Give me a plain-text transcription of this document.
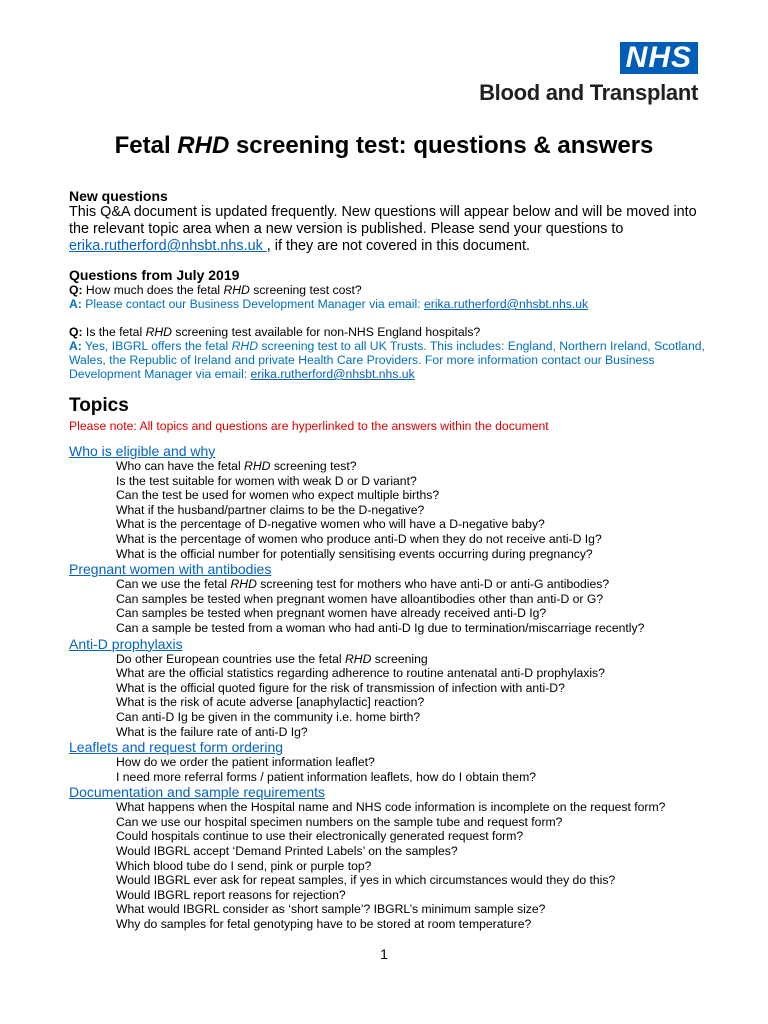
NHS
Blood and Transplant
Fetal RHD screening test: questions & answers
New questions
This Q&A document is updated frequently. New questions will appear below and will be moved into the relevant topic area when a new version is published. Please send your questions to erika.rutherford@nhsbt.nhs.uk , if they are not covered in this document.
Questions from July 2019
Q: How much does the fetal RHD screening test cost?
A: Please contact our Business Development Manager via email: erika.rutherford@nhsbt.nhs.uk
Q: Is the fetal RHD screening test available for non-NHS England hospitals?
A: Yes, IBGRL offers the fetal RHD screening test to all UK Trusts. This includes: England, Northern Ireland, Scotland, Wales, the Republic of Ireland and private Health Care Providers. For more information contact our Business Development Manager via email: erika.rutherford@nhsbt.nhs.uk
Topics
Please note: All topics and questions are hyperlinked to the answers within the document
Who is eligible and why
Who can have the fetal RHD screening test?
Is the test suitable for women with weak D or D variant?
Can the test be used for women who expect multiple births?
What if the husband/partner claims to be the D-negative?
What is the percentage of D-negative women who will have a D-negative baby?
What is the percentage of women who produce anti-D when they do not receive anti-D Ig?
What is the official number for potentially sensitising events occurring during pregnancy?
Pregnant women with antibodies
Can we use the fetal RHD screening test for mothers who have anti-D or anti-G antibodies?
Can samples be tested when pregnant women have alloantibodies other than anti-D or G?
Can samples be tested when pregnant women have already received anti-D Ig?
Can a sample be tested from a woman who had anti-D Ig due to termination/miscarriage recently?
Anti-D prophylaxis
Do other European countries use the fetal RHD screening
What are the official statistics regarding adherence to routine antenatal anti-D prophylaxis?
What is the official quoted figure for the risk of transmission of infection with anti-D?
What is the risk of acute adverse [anaphylactic] reaction?
Can anti-D Ig be given in the community i.e. home birth?
What is the failure rate of anti-D Ig?
Leaflets and request form ordering
How do we order the patient information leaflet?
I need more referral forms / patient information leaflets, how do I obtain them?
Documentation and sample requirements
What happens when the Hospital name and NHS code information is incomplete on the request form?
Can we use our hospital specimen numbers on the sample tube and request form?
Could hospitals continue to use their electronically generated request form?
Would IBGRL accept ‘Demand Printed Labels’ on the samples?
Which blood tube do I send, pink or purple top?
Would IBGRL ever ask for repeat samples, if yes in which circumstances would they do this?
Would IBGRL report reasons for rejection?
What would IBGRL consider as ‘short sample’? IBGRL’s minimum sample size?
Why do samples for fetal genotyping have to be stored at room temperature?
1
